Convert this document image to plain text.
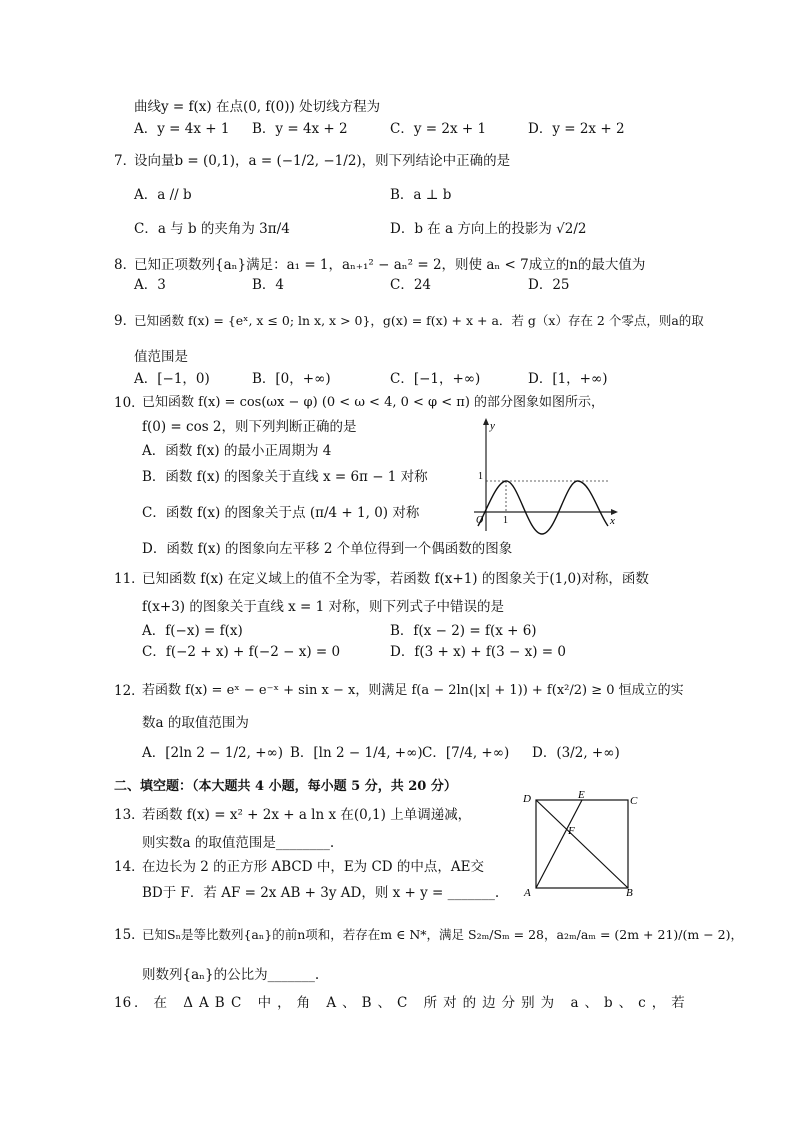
曲线y = f(x) 在点(0, f(0)) 处切线方程为
A．y = 4x + 1 B．y = 4x + 2	C．y = 2x + 1	D．y = 2x + 2
7．
设向量b = (0,1)，a = (−1/2, −1/2)，则下列结论中正确的是
A．a // b	B．a ⊥ b
C．a 与 b 的夹角为 3π/4	D．b 在 a 方向上的投影为 √2/2
8．
已知正项数列{aₙ}满足：a₁ = 1，aₙ₊₁² − aₙ² = 2，则使 aₙ < 7成立的n的最大值为
A．3	B．4	C．24	D．25
9．
已知函数 f(x) = {eˣ, x ≤ 0; ln x, x > 0}，g(x) = f(x) + x + a．若 g（x）存在 2 个零点，则a的取
值范围是
A．[−1，0)	B．[0，+∞)	C．[−1，+∞)	D．[1，+∞)
10．
已知函数 f(x) = cos(ωx − φ) (0 < ω < 4, 0 < φ < π) 的部分图象如图所示，
f(0) = cos 2，则下列判断正确的是
A．函数 f(x) 的最小正周期为 4
B．函数 f(x) 的图象关于直线 x = 6π − 1 对称
C．函数 f(x) 的图象关于点 (π/4 + 1, 0) 对称
D．函数 f(x) 的图象向左平移 2 个单位得到一个偶函数的图象
y
x
1
1
O
11．
已知函数 f(x) 在定义域上的值不全为零，若函数 f(x+1) 的图象关于(1,0)对称，函数
f(x+3) 的图象关于直线 x = 1 对称，则下列式子中错误的是
A．f(−x) = f(x)	B．f(x − 2) = f(x + 6)
C．f(−2 + x) + f(−2 − x) = 0	D．f(3 + x) + f(3 − x) = 0
12．
若函数 f(x) = eˣ − e⁻ˣ + sin x − x，则满足 f(a − 2ln(|x| + 1)) + f(x²/2) ≥ 0 恒成立的实
数a 的取值范围为
A．[2ln 2 − 1/2, +∞) B．[ln 2 − 1/4, +∞) C．[7/4, +∞) D．(3/2, +∞)
二、填空题：（本大题共 4 小题，每小题 5 分，共 20 分）
13．
若函数 f(x) = x² + 2x + a ln x 在(0,1) 上单调递减，
则实数a 的取值范围是________.
14．
在边长为 2 的正方形 ABCD 中，E为 CD 的中点，AE交
BD于 F．若 AF = 2x AB + 3y AD，则 x + y = _______.
D	E	C
F
A	B
15．
已知Sₙ是等比数列{aₙ}的前n项和，若存在m ∈ N*，满足 S₂ₘ/Sₘ = 28，a₂ₘ/aₘ = (2m + 21)/(m − 2)，
则数列{aₙ}的公比为_______.
16 ．在 ΔABC 中，角 A、B、C 所对的边分别为 a、b、c，若
